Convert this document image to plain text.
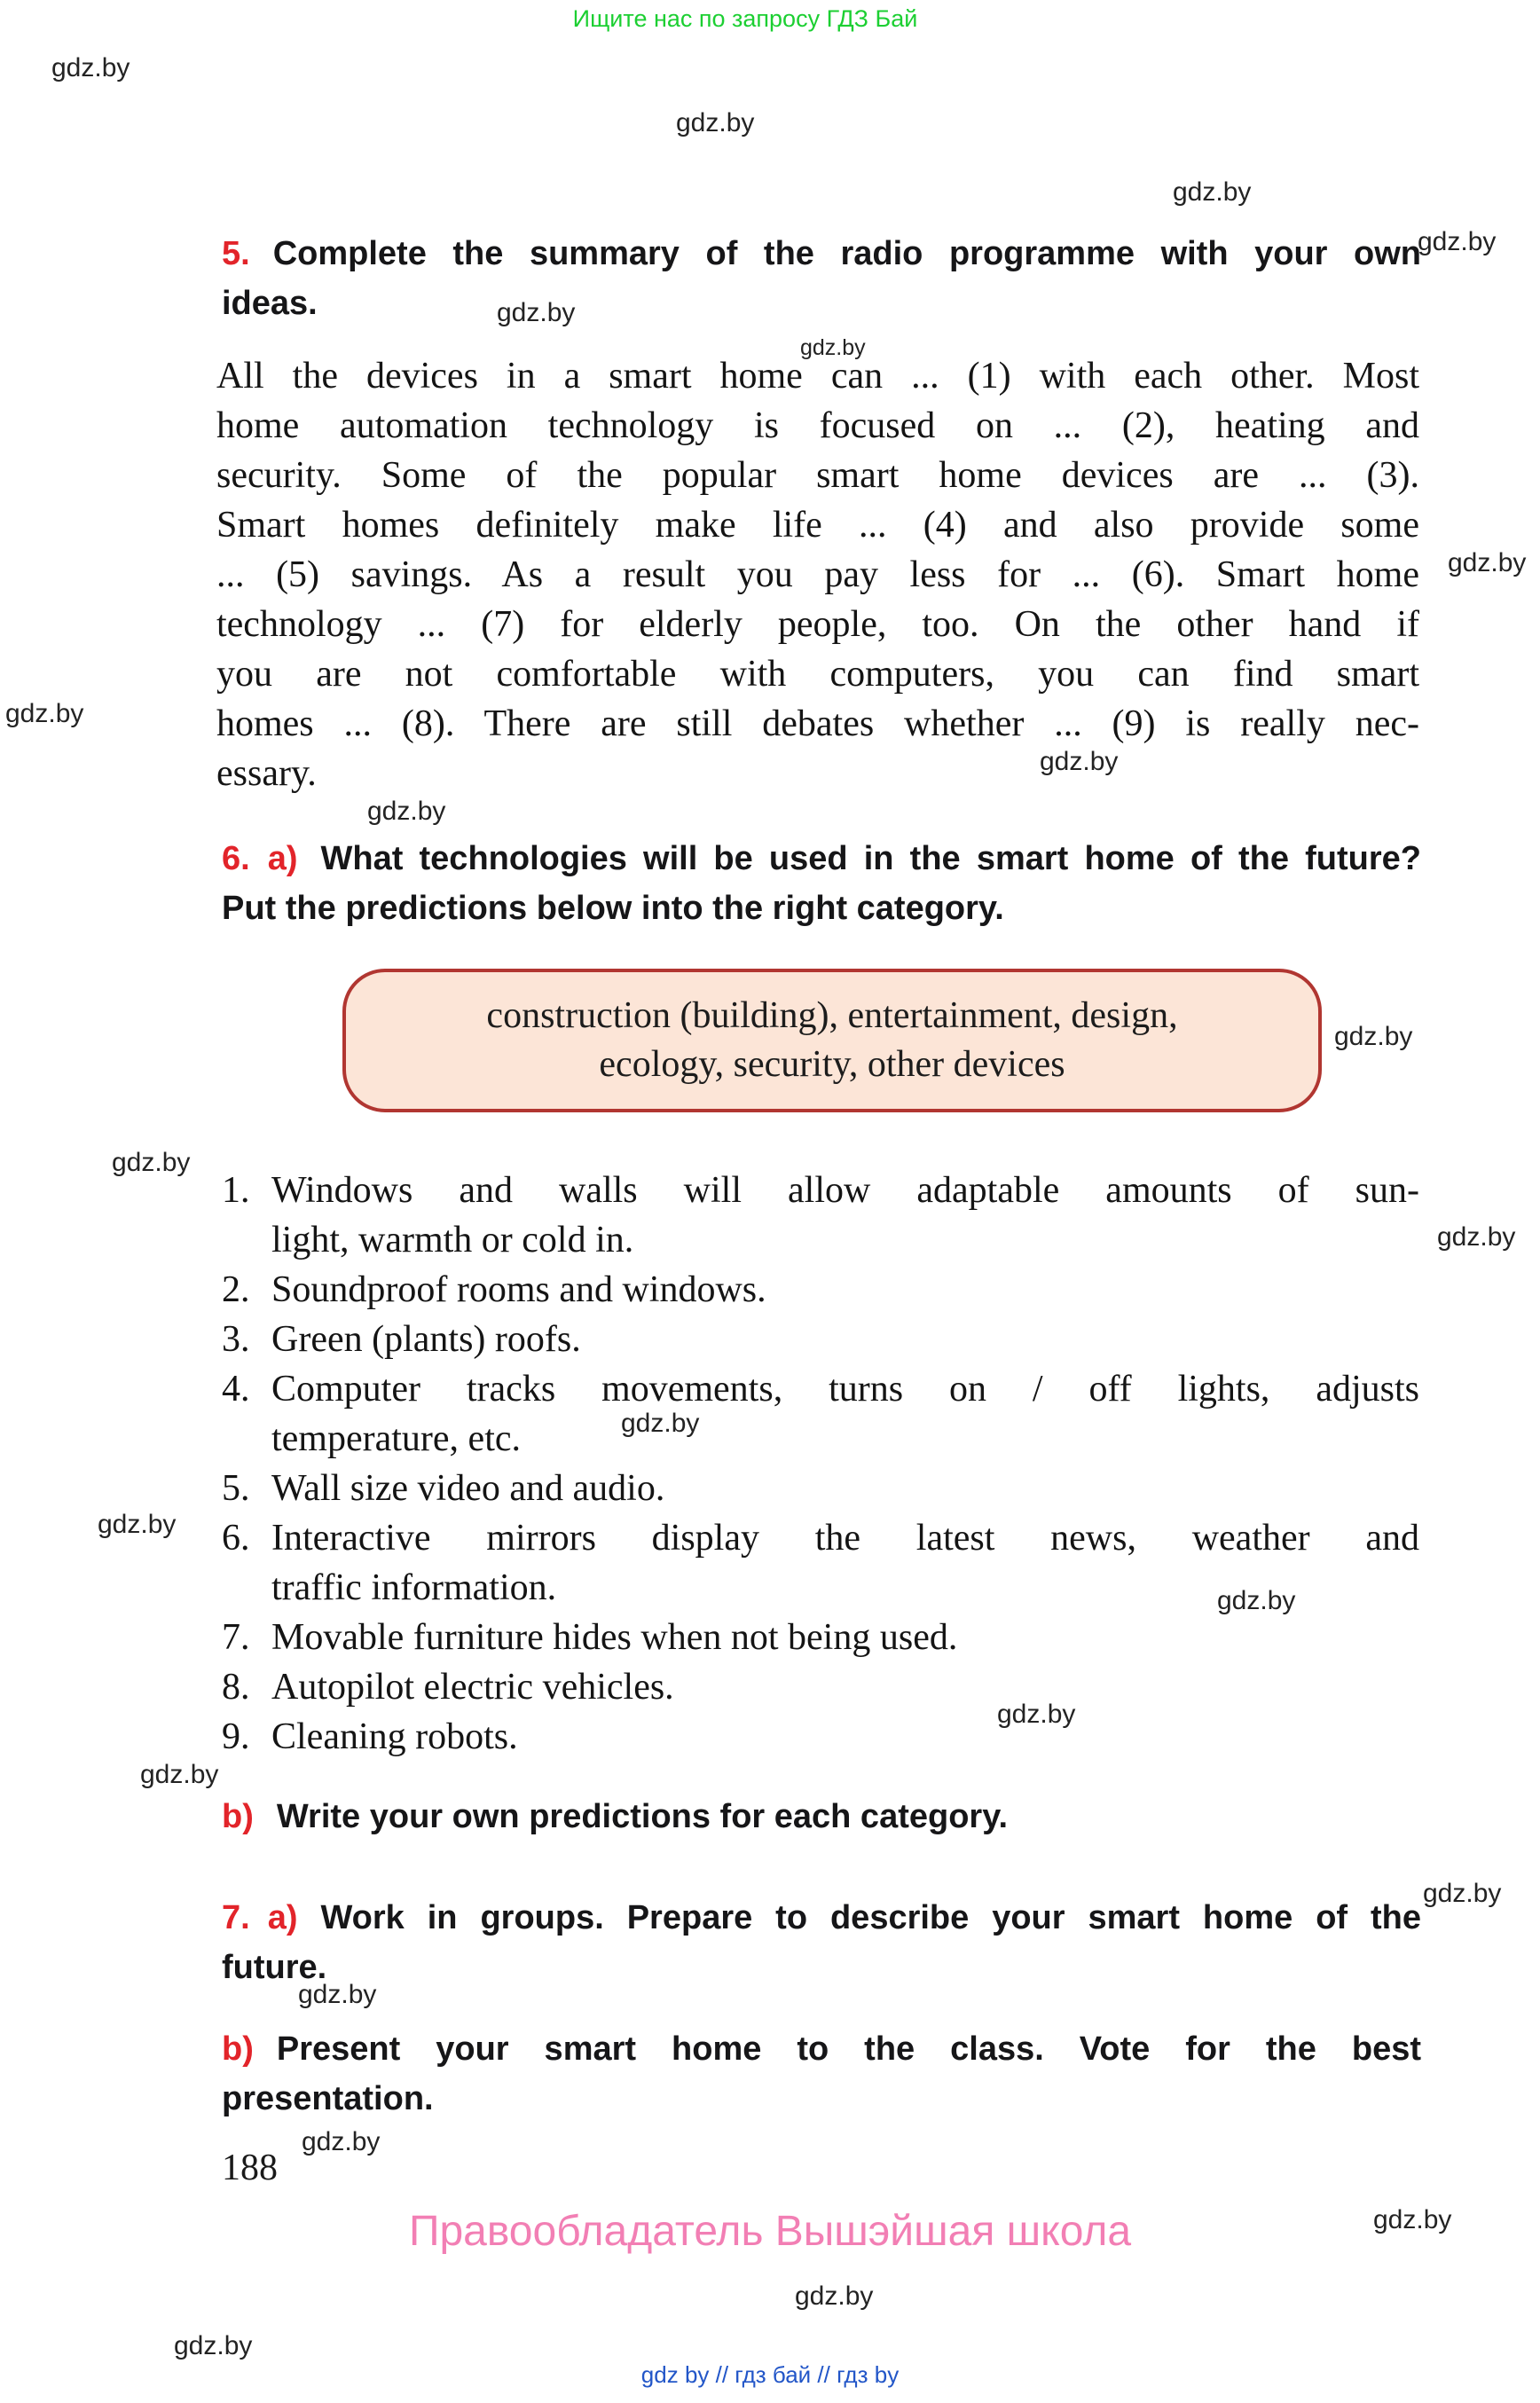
Ищите нас по запросу ГДЗ Бай
gdz.by
gdz.by
gdz.by
gdz.by
gdz.by
gdz.by
gdz.by
gdz.by
gdz.by
gdz.by
gdz.by
gdz.by
gdz.by
gdz.by
gdz.by
gdz.by
gdz.by
gdz.by
gdz.by
gdz.by
gdz.by
gdz.by
gdz.by
gdz.by
5. Complete the summary of the radio programme with your own
ideas.
All the devices in a smart home can ... (1) with each other. Most
home automation technology is focused on ... (2), heating and
security. Some of the popular smart home devices are ... (3).
Smart homes definitely make life ... (4) and also provide some
... (5) savings. As a result you pay less for ... (6). Smart home
technology ... (7) for elderly people, too. On the other hand if
you are not comfortable with computers, you can find smart
homes ... (8). There are still debates whether ... (9) is really nec-
essary.
6. a) What technologies will be used in the smart home of the future?
Put the predictions below into the right category.
construction (building), entertainment, design,
ecology, security, other devices
1. Windows and walls will allow adaptable amounts of sun-
light, warmth or cold in.
2. Soundproof rooms and windows.
3. Green (plants) roofs.
4. Computer tracks movements, turns on / off lights, adjusts
temperature, etc.
5. Wall size video and audio.
6. Interactive mirrors display the latest news, weather and
traffic information.
7. Movable furniture hides when not being used.
8. Autopilot electric vehicles.
9. Cleaning robots.
b) Write your own predictions for each category.
7. a) Work in groups. Prepare to describe your smart home of the
future.
b) Present your smart home to the class. Vote for the best
presentation.
188
Правообладатель Вышэйшая школа
gdz by // гдз бай // гдз by
